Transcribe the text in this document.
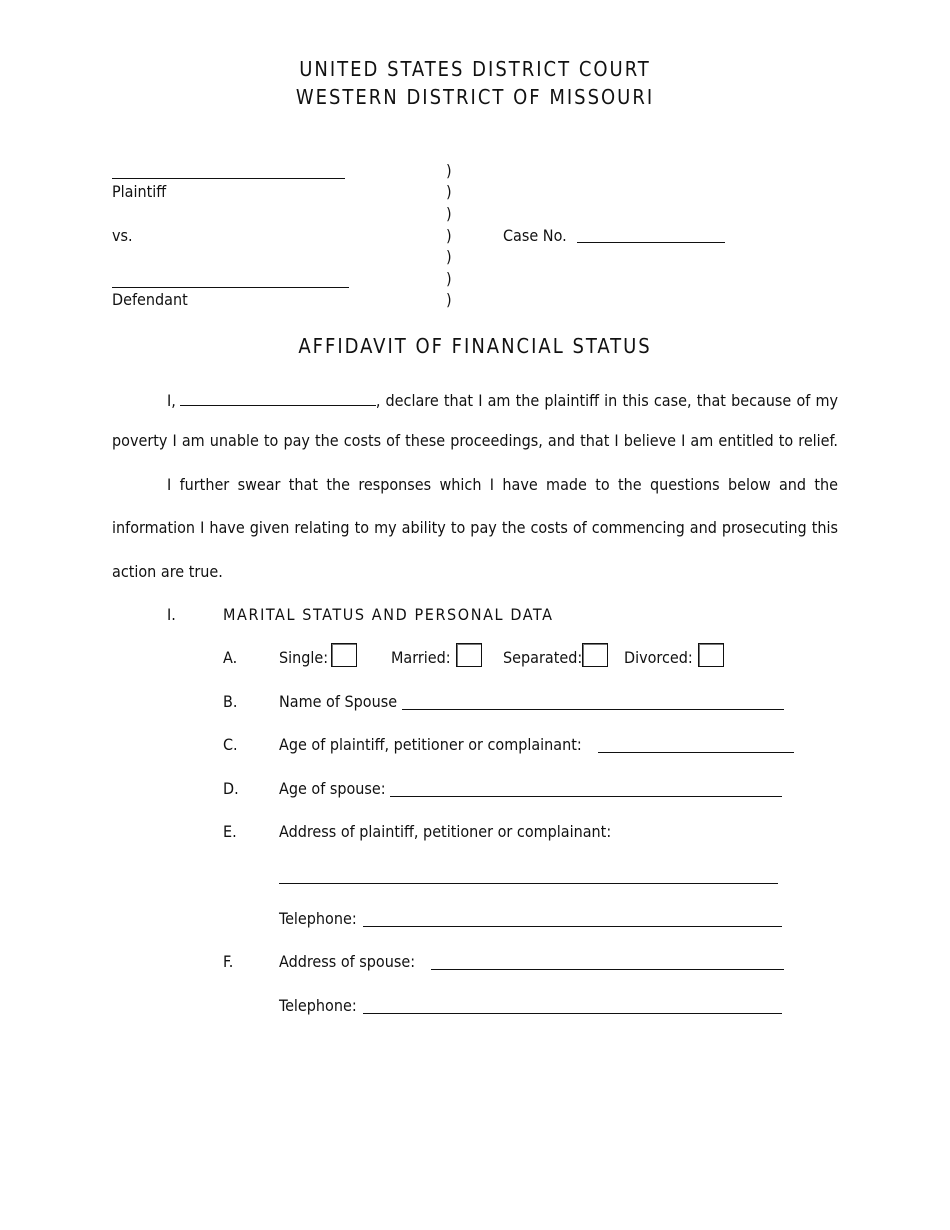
UNITED STATES DISTRICT COURT
WESTERN DISTRICT OF MISSOURI
Plaintiff
vs.
Defendant
)
)
)
)
)
)
)
Case No.
AFFIDAVIT OF FINANCIAL STATUS
I,	, declare that I am the plaintiff in this case, that because of my
poverty I am unable to pay the costs of these proceedings, and that I believe I am entitled to relief.
I further swear that the responses which I have made to the questions below and the
information I have given relating to my ability to pay the costs of commencing and prosecuting this
action are true.
I.	MARITAL STATUS AND PERSONAL DATA
A.	Single:	Married:	Separated:	Divorced:
B.	Name of Spouse
C.	Age of plaintiff, petitioner or complainant:
D.	Age of spouse:
E.	Address of plaintiff, petitioner or complainant:
Telephone:
F.	Address of spouse:
Telephone:
